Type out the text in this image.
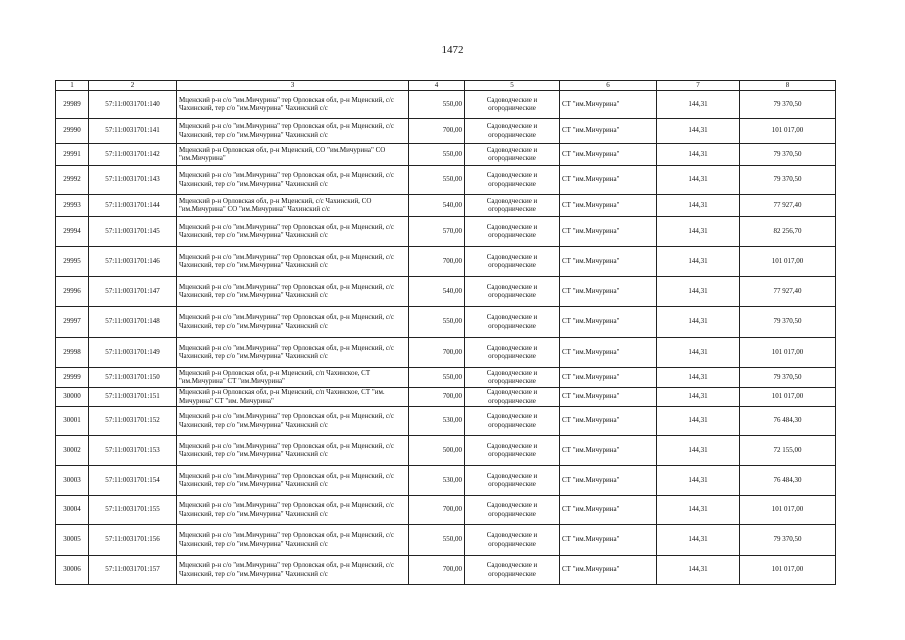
1472
1	2	3	4	5	6	7	8
29989	57:11:0031701:140	Мценский р-н с/о "им.Мичурина" тер Орловская обл, р-н Мценский, с/с Чахинский, тер с/о "им.Мичурина" Чахинский с/с	550,00	Садоводческие и огороднические	СТ "им.Мичурина"	144,31	79 370,50
29990	57:11:0031701:141	Мценский р-н с/о "им.Мичурина" тер Орловская обл, р-н Мценский, с/с Чахинский, тер с/о "им.Мичурина" Чахинский с/с	700,00	Садоводческие и огороднические	СТ "им.Мичурина"	144,31	101 017,00
29991	57:11:0031701:142	Мценский р-н Орловская обл, р-н Мценский, СО "им.Мичурина" СО "им.Мичурина"	550,00	Садоводческие и огороднические	СТ "им.Мичурина"	144,31	79 370,50
29992	57:11:0031701:143	Мценский р-н с/о "им.Мичурина" тер Орловская обл, р-н Мценский, с/с Чахинский, тер с/о "им.Мичурина" Чахинский с/с	550,00	Садоводческие и огороднические	СТ "им.Мичурина"	144,31	79 370,50
29993	57:11:0031701:144	Мценский р-н Орловская обл, р-н Мценский, с/с Чахинский, СО "им.Мичурина" СО "им.Мичурина" Чахинский с/с	540,00	Садоводческие и огороднические	СТ "им.Мичурина"	144,31	77 927,40
29994	57:11:0031701:145	Мценский р-н с/о "им.Мичурина" тер Орловская обл, р-н Мценский, с/с Чахинский, тер с/о "им.Мичурина" Чахинский с/с	570,00	Садоводческие и огороднические	СТ "им.Мичурина"	144,31	82 256,70
29995	57:11:0031701:146	Мценский р-н с/о "им.Мичурина" тер Орловская обл, р-н Мценский, с/с Чахинский, тер с/о "им.Мичурина" Чахинский с/с	700,00	Садоводческие и огороднические	СТ "им.Мичурина"	144,31	101 017,00
29996	57:11:0031701:147	Мценский р-н с/о "им.Мичурина" тер Орловская обл, р-н Мценский, с/с Чахинский, тер с/о "им.Мичурина" Чахинский с/с	540,00	Садоводческие и огороднические	СТ "им.Мичурина"	144,31	77 927,40
29997	57:11:0031701:148	Мценский р-н с/о "им.Мичурина" тер Орловская обл, р-н Мценский, с/с Чахинский, тер с/о "им.Мичурина" Чахинский с/с	550,00	Садоводческие и огороднические	СТ "им.Мичурина"	144,31	79 370,50
29998	57:11:0031701:149	Мценский р-н с/о "им.Мичурина" тер Орловская обл, р-н Мценский, с/с Чахинский, тер с/о "им.Мичурина" Чахинский с/с	700,00	Садоводческие и огороднические	СТ "им.Мичурина"	144,31	101 017,00
29999	57:11:0031701:150	Мценский р-н Орловская обл, р-н Мценский, с/п Чахинское, СТ "им.Мичурина" СТ "им.Мичурина"	550,00	Садоводческие и огороднические	СТ "им.Мичурина"	144,31	79 370,50
30000	57:11:0031701:151	Мценский р-н Орловская обл, р-н Мценский, с/п Чахинское, СТ "им. Мичурина" СТ "им. Мичурина"	700,00	Садоводческие и огороднические	СТ "им.Мичурина"	144,31	101 017,00
30001	57:11:0031701:152	Мценский р-н с/о "им.Мичурина" тер Орловская обл, р-н Мценский, с/с Чахинский, тер с/о "им.Мичурина" Чахинский с/с	530,00	Садоводческие и огороднические	СТ "им.Мичурина"	144,31	76 484,30
30002	57:11:0031701:153	Мценский р-н с/о "им.Мичурина" тер Орловская обл, р-н Мценский, с/с Чахинский, тер с/о "им.Мичурина" Чахинский с/с	500,00	Садоводческие и огороднические	СТ "им.Мичурина"	144,31	72 155,00
30003	57:11:0031701:154	Мценский р-н с/о "им.Мичурина" тер Орловская обл, р-н Мценский, с/с Чахинский, тер с/о "им.Мичурина" Чахинский с/с	530,00	Садоводческие и огороднические	СТ "им.Мичурина"	144,31	76 484,30
30004	57:11:0031701:155	Мценский р-н с/о "им.Мичурина" тер Орловская обл, р-н Мценский, с/с Чахинский, тер с/о "им.Мичурина" Чахинский с/с	700,00	Садоводческие и огороднические	СТ "им.Мичурина"	144,31	101 017,00
30005	57:11:0031701:156	Мценский р-н с/о "им.Мичурина" тер Орловская обл, р-н Мценский, с/с Чахинский, тер с/о "им.Мичурина" Чахинский с/с	550,00	Садоводческие и огороднические	СТ "им.Мичурина"	144,31	79 370,50
30006	57:11:0031701:157	Мценский р-н с/о "им.Мичурина" тер Орловская обл, р-н Мценский, с/с Чахинский, тер с/о "им.Мичурина" Чахинский с/с	700,00	Садоводческие и огороднические	СТ "им.Мичурина"	144,31	101 017,00
